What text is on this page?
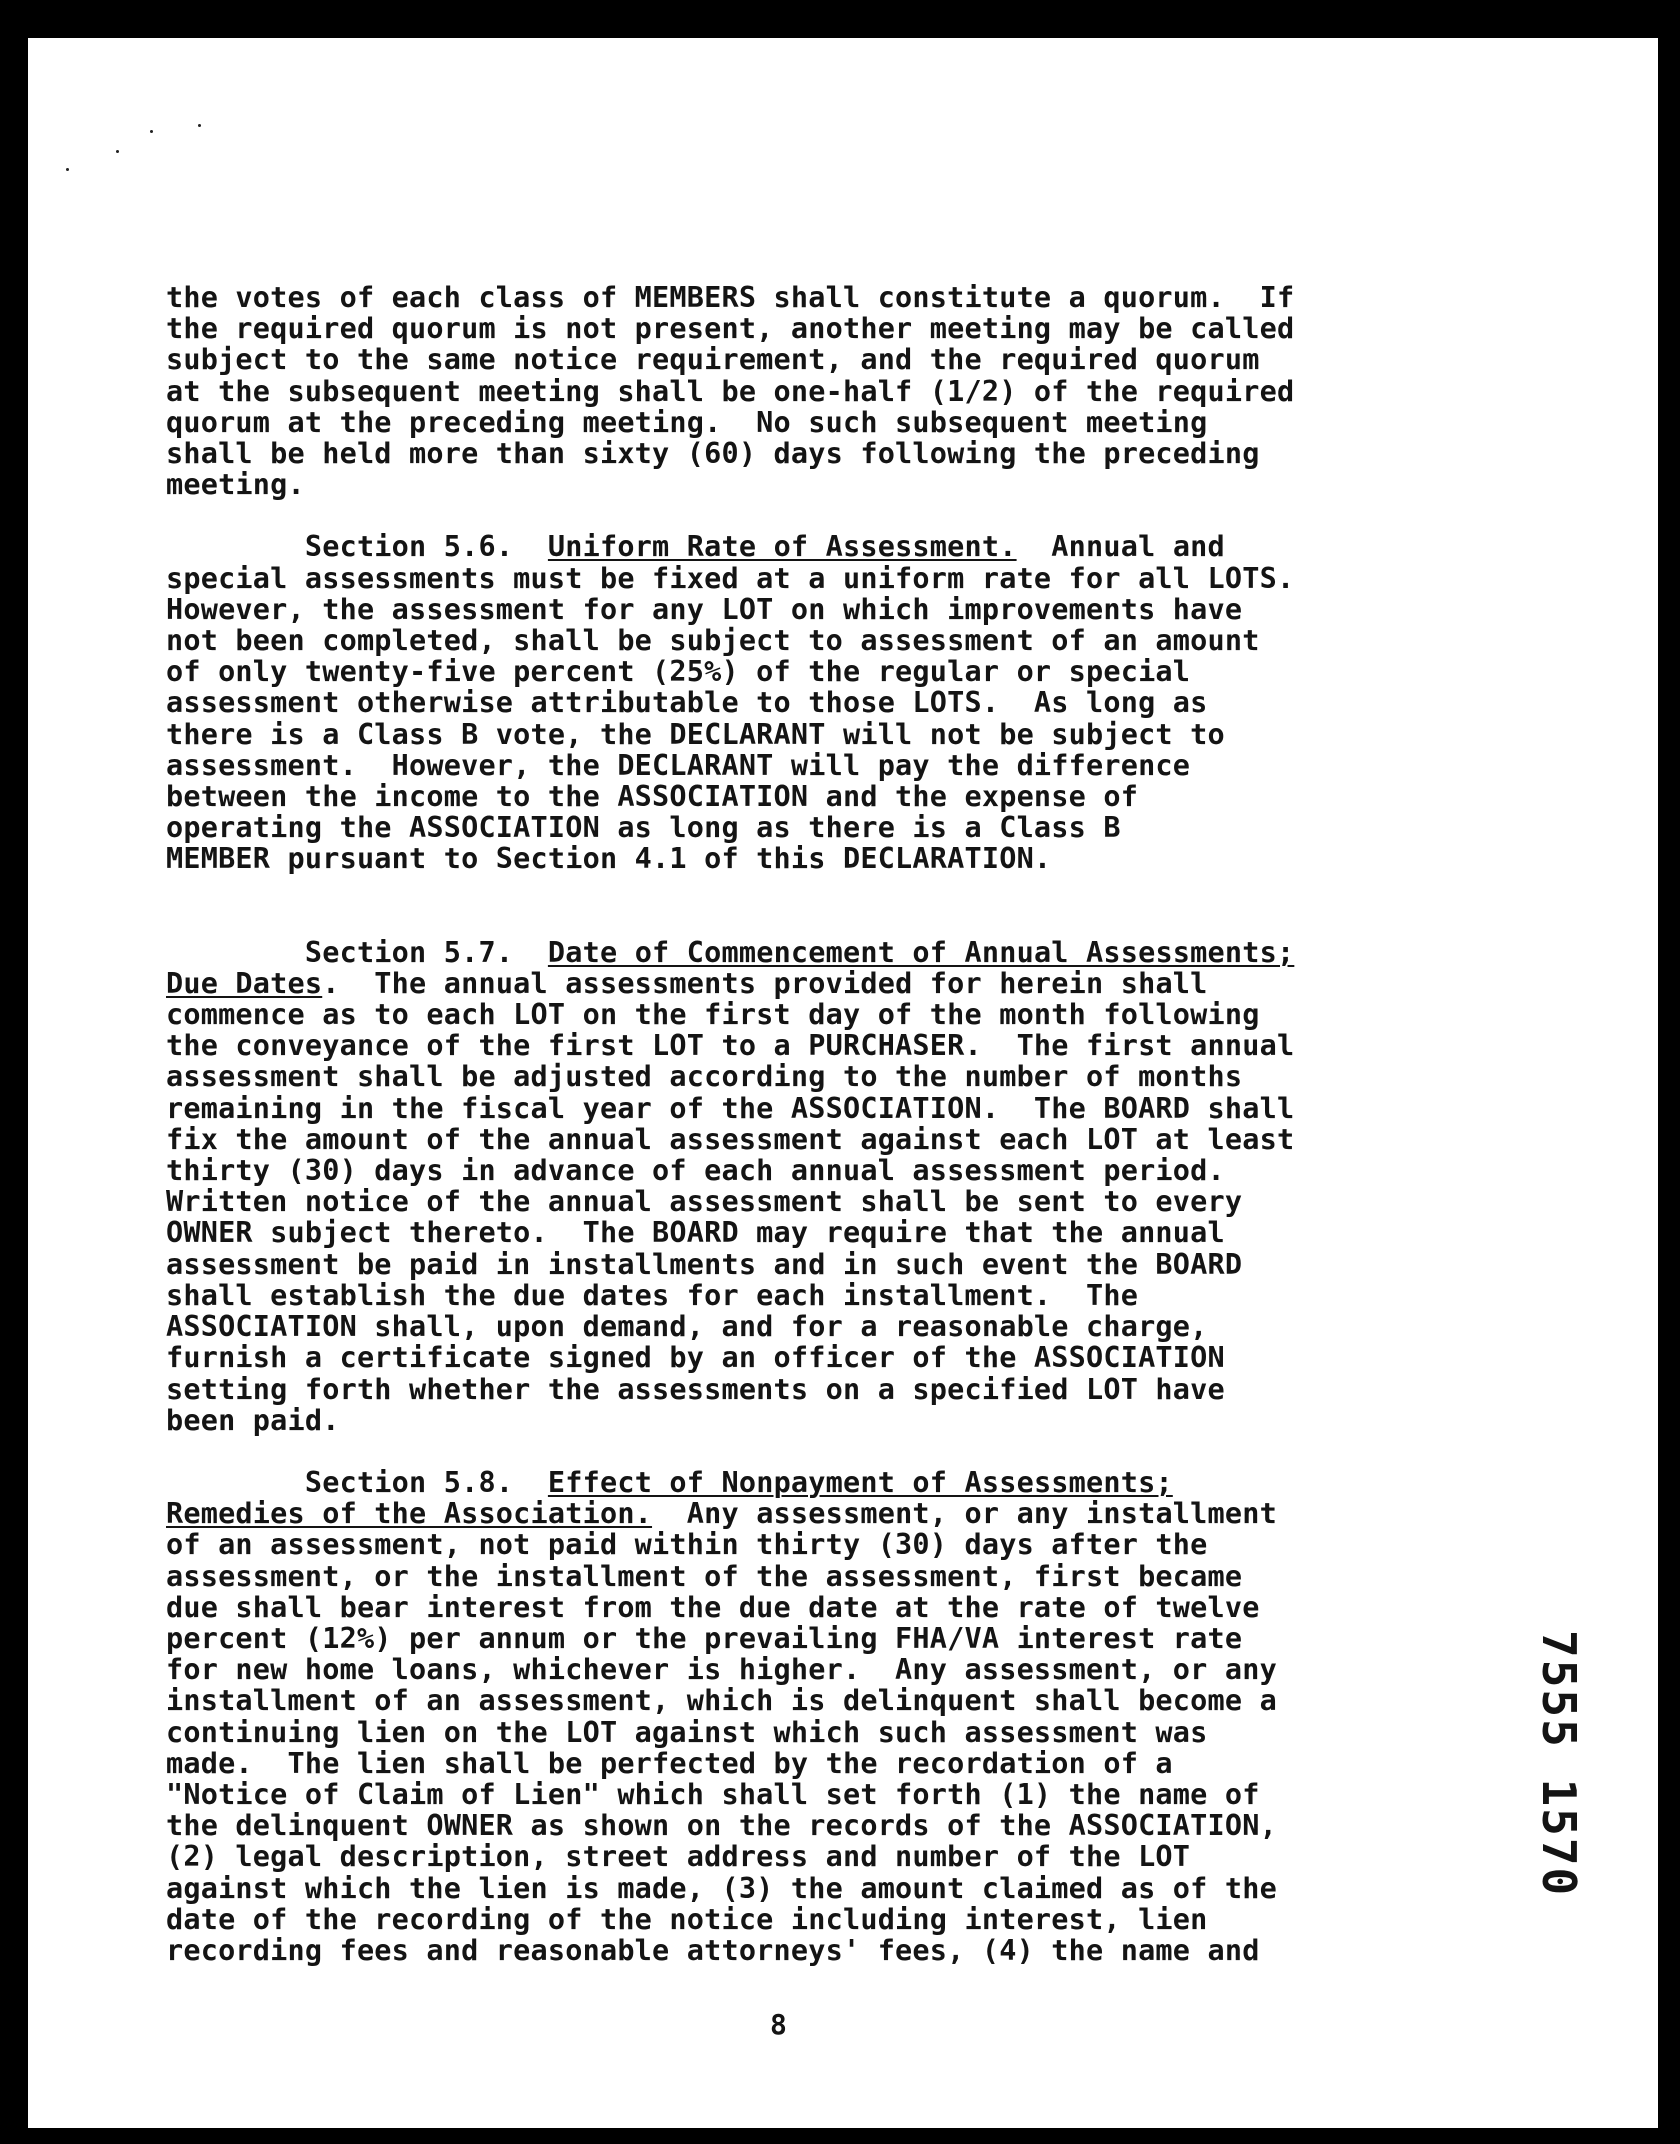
the votes of each class of MEMBERS shall constitute a quorum.  If
the required quorum is not present, another meeting may be called
subject to the same notice requirement, and the required quorum
at the subsequent meeting shall be one-half (1/2) of the required
quorum at the preceding meeting.  No such subsequent meeting
shall be held more than sixty (60) days following the preceding
meeting.

Section 5.6.  Uniform Rate of Assessment.  Annual and

special assessments must be fixed at a uniform rate for all LOTS.
However, the assessment for any LOT on which improvements have
not been completed, shall be subject to assessment of an amount
of only twenty-five percent (25%) of the regular or special
assessment otherwise attributable to those LOTS.  As long as
there is a Class B vote, the DECLARANT will not be subject to
assessment.  However, the DECLARANT will pay the difference
between the income to the ASSOCIATION and the expense of
operating the ASSOCIATION as long as there is a Class B
MEMBER pursuant to Section 4.1 of this DECLARATION.

Section 5.7.  Date of Commencement of Annual Assessments;
Due Dates.  The annual assessments provided for herein shall

commence as to each LOT on the first day of the month following
the conveyance of the first LOT to a PURCHASER.  The first annual
assessment shall be adjusted according to the number of months
remaining in the fiscal year of the ASSOCIATION.  The BOARD shall
fix the amount of the annual assessment against each LOT at least
thirty (30) days in advance of each annual assessment period.
Written notice of the annual assessment shall be sent to every
OWNER subject thereto.  The BOARD may require that the annual
assessment be paid in installments and in such event the BOARD
shall establish the due dates for each installment.  The
ASSOCIATION shall, upon demand, and for a reasonable charge,
furnish a certificate signed by an officer of the ASSOCIATION
setting forth whether the assessments on a specified LOT have
been paid.

Section 5.8.  Effect of Nonpayment of Assessments;
Remedies of the Association.  Any assessment, or any installment

of an assessment, not paid within thirty (30) days after the
assessment, or the installment of the assessment, first became
due shall bear interest from the due date at the rate of twelve
percent (12%) per annum or the prevailing FHA/VA interest rate
for new home loans, whichever is higher.  Any assessment, or any
installment of an assessment, which is delinquent shall become a
continuing lien on the LOT against which such assessment was
made.  The lien shall be perfected by the recordation of a
"Notice of Claim of Lien" which shall set forth (1) the name of
the delinquent OWNER as shown on the records of the ASSOCIATION,
(2) legal description, street address and number of the LOT
against which the lien is made, (3) the amount claimed as of the
date of the recording of the notice including interest, lien
recording fees and reasonable attorneys' fees, (4) the name and

8
7555 1570
